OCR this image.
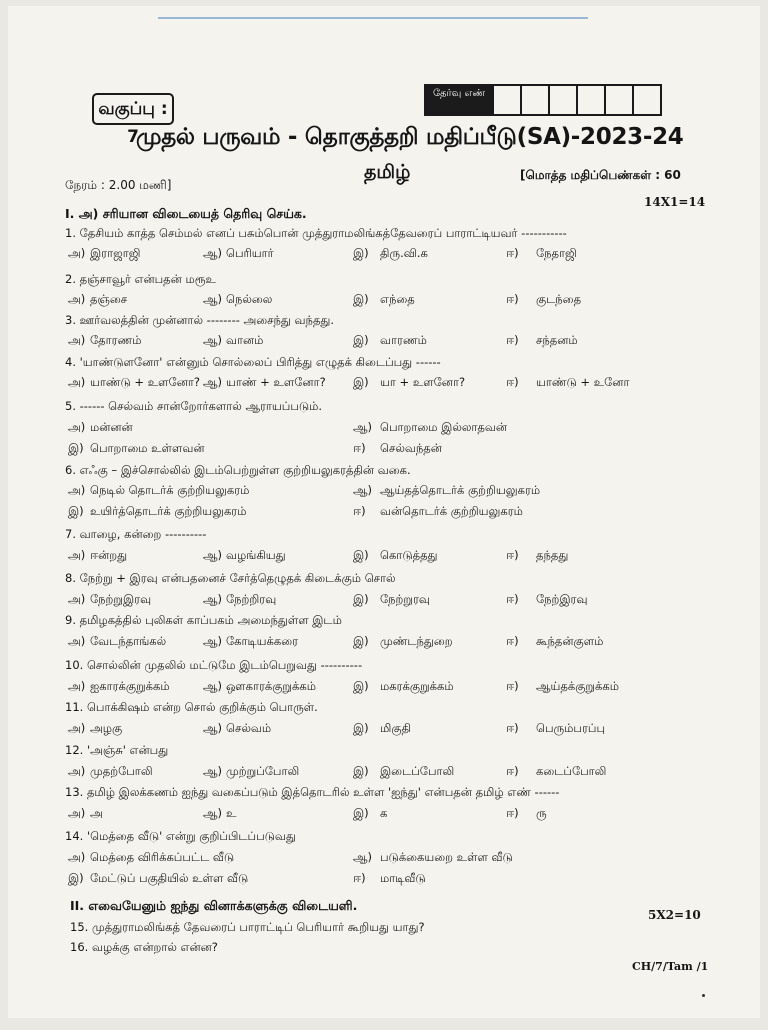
வகுப்பு : 7
தேர்வு எண்
முதல் பருவம் - தொகுத்தறி மதிப்பீடு(SA)-2023-24
தமிழ்
நேரம் : 2.00 மணி]
[மொத்த மதிப்பெண்கள் : 60
14X1=14
I. அ) சரியான விடையைத் தெரிவு செய்க.
1. தேசியம் காத்த செம்மல் எனப் பசும்பொன் முத்துராமலிங்கத்தேவரைப் பாராட்டியவர் -----------
அ) இராஜாஜி	ஆ) பெரியார்	இ) திரு.வி.க	ஈ) நேதாஜி
2. தஞ்சாவூர் என்பதன் மரூஉ
அ) தஞ்சை	ஆ) நெல்லை	இ) எந்தை	ஈ) குடந்தை
3. ஊர்வலத்தின் முன்னால் -------- அசைந்து வந்தது.
அ) தோரணம்	ஆ) வானம்	இ) வாரணம்	ஈ) சந்தனம்
4. 'யாண்டுளனோ' என்னும் சொல்லைப் பிரித்து எழுதக் கிடைப்பது ------
அ) யாண்டு + உளனோ? ஆ) யாண் + உளனோ? இ) யா + உளனோ?	ஈ) யாண்டு + உனோ
5. ------ செல்வம் சான்றோர்களால் ஆராயப்படும்.
அ) மன்னன்	ஆ) பொறாமை இல்லாதவன்
இ) பொறாமை உள்ளவன்	ஈ) செல்வந்தன்
6. எஃகு – இச்சொல்லில் இடம்பெற்றுள்ள குற்றியலுகரத்தின் வகை.
அ) நெடில் தொடர்க் குற்றியலுகரம்	ஆ) ஆய்தத்தொடர்க் குற்றியலுகரம்
இ) உயிர்த்தொடர்க் குற்றியலுகரம்	ஈ) வன்தொடர்க் குற்றியலுகரம்
7. வாழை, கன்றை ----------
அ) ஈன்றது	ஆ) வழங்கியது	இ) கொடுத்தது	ஈ) தந்தது
8. நேற்று + இரவு என்பதனைச் சேர்த்தெழுதக் கிடைக்கும் சொல்
அ) நேற்றுஇரவு	ஆ) நேற்றிரவு	இ) நேற்றுரவு	ஈ) நேற்இரவு
9. தமிழகத்தில் புலிகள் காப்பகம் அமைந்துள்ள இடம்
அ) வேடந்தாங்கல்	ஆ) கோடியக்கரை	இ) முண்டந்துறை	ஈ) கூந்தன்குளம்
10. சொல்லின் முதலில் மட்டுமே இடம்பெறுவது ----------
அ) ஐகாரக்குறுக்கம்	ஆ) ஔகாரக்குறுக்கம்	இ) மகரக்குறுக்கம்	ஈ) ஆய்தக்குறுக்கம்
11. பொக்கிஷம் என்ற சொல் குறிக்கும் பொருள்.
அ) அழகு	ஆ) செல்வம்	இ) மிகுதி	ஈ) பெரும்பரப்பு
12. 'அஞ்சு' என்பது
அ) முதற்போலி	ஆ) முற்றுப்போலி	இ) இடைப்போலி	ஈ) கடைப்போலி
13. தமிழ் இலக்கணம் ஐந்து வகைப்படும் இத்தொடரில் உள்ள 'ஐந்து' என்பதன் தமிழ் எண் ------
அ) அ	ஆ) உ	இ) க	ஈ) ரு
14. 'மெத்தை வீடு' என்று குறிப்பிடப்படுவது
அ) மெத்தை விரிக்கப்பட்ட வீடு	ஆ) படுக்கையறை உள்ள வீடு
இ) மேட்டுப் பகுதியில் உள்ள வீடு	ஈ) மாடிவீடு
5X2=10
II. எவையேனும் ஐந்து வினாக்களுக்கு விடையளி.
15. முத்துராமலிங்கத் தேவரைப் பாராட்டிப் பெரியார் கூறியது யாது?
16. வழக்கு என்றால் என்ன?
CH/7/Tam /1
